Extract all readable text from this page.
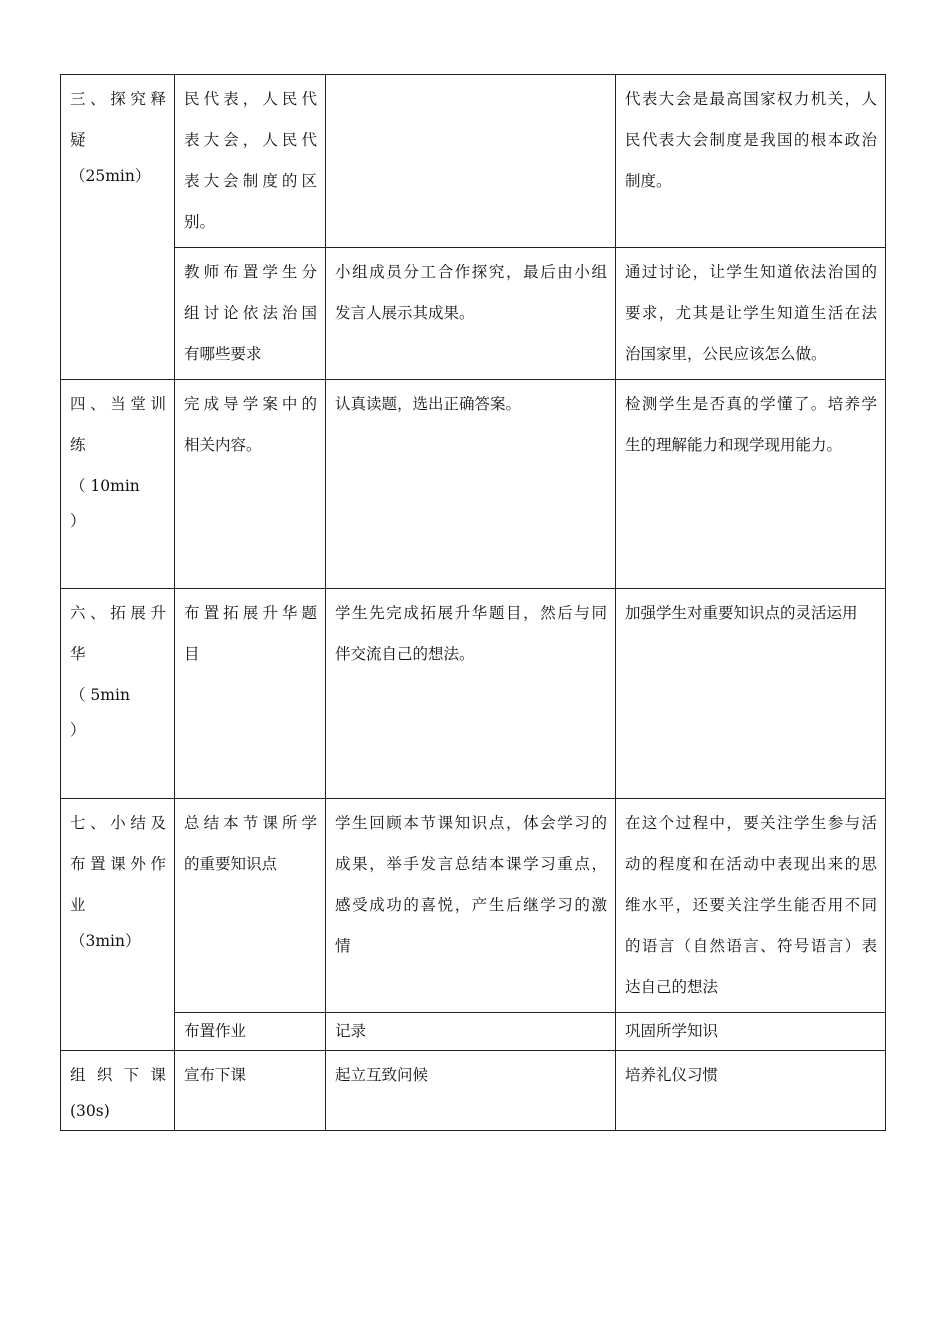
三、探究释
疑
（25min）	民代表，人民代
表大会，人民代
表大会制度的区
别。		代表大会是最高国家权力机关，人
民代表大会制度是我国的根本政治
制度。

	教师布置学生分
组讨论依法治国
有哪些要求	小组成员分工合作探究，最后由小组
发言人展示其成果。	通过讨论，让学生知道依法治国的
要求，尤其是让学生知道生活在法
治国家里，公民应该怎么做。

四、当堂训
练
（ 10min
）	完成导学案中的
相关内容。	认真读题，选出正确答案。	检测学生是否真的学懂了。培养学
生的理解能力和现学现用能力。

六、拓展升
华
（ 5min
）	布置拓展升华题
目	学生先完成拓展升华题目，然后与同
伴交流自己的想法。	加强学生对重要知识点的灵活运用

七、小结及
布置课外作
业
（3min）	总结本节课所学
的重要知识点	学生回顾本节课知识点，体会学习的
成果，举手发言总结本课学习重点，
感受成功的喜悦，产生后继学习的激
情	在这个过程中，要关注学生参与活
动的程度和在活动中表现出来的思
维水平，还要关注学生能否用不同
的语言（自然语言、符号语言）表
达自己的想法

	布置作业	记录	巩固所学知识

组 织 下 课
(30s)	宣布下课	起立互致问候	培养礼仪习惯
